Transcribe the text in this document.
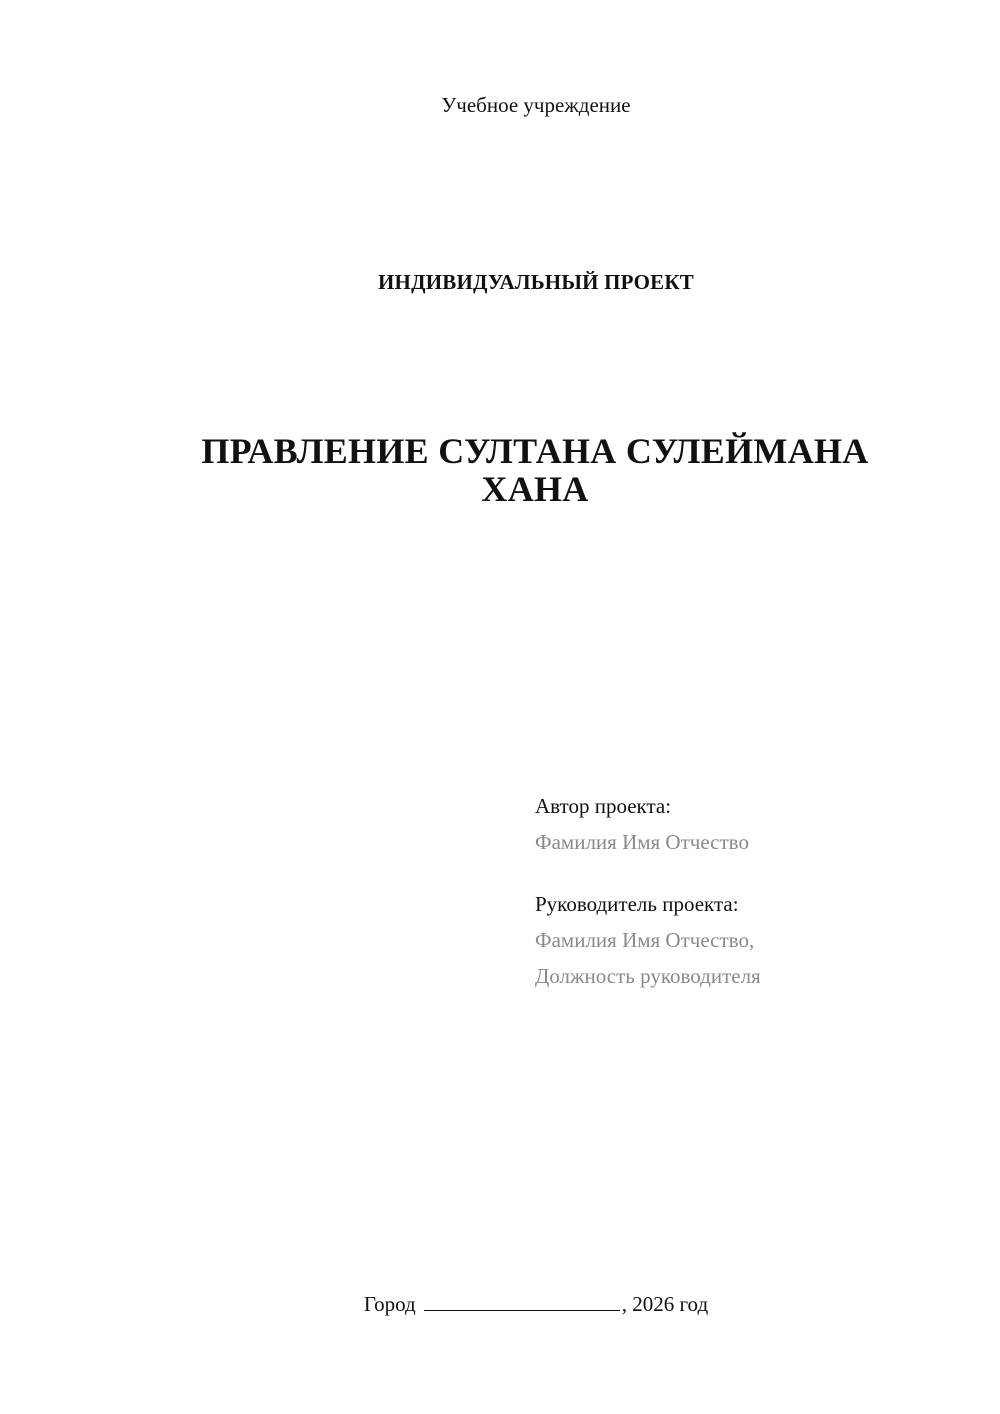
Учебное учреждение
ИНДИВИДУАЛЬНЫЙ ПРОЕКТ
ПРАВЛЕНИЕ СУЛТАНА СУЛЕЙМАНА
ХАНА
Автор проекта:
Фамилия Имя Отчество
Руководитель проекта:
Фамилия Имя Отчество,
Должность руководителя
Город	, 2026 год
